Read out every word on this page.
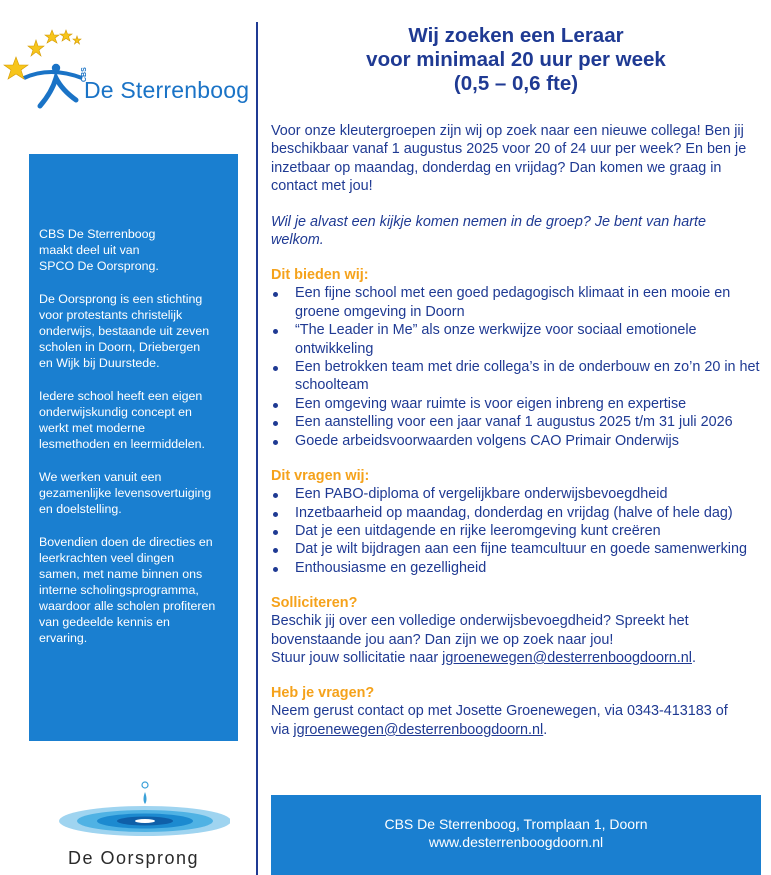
CBS
De Sterrenboog

CBS De Sterrenboog
maakt deel uit van
SPCO De Oorsprong.

De Oorsprong is een stichting
voor protestants christelijk
onderwijs, bestaande uit zeven
scholen in Doorn, Driebergen
en Wijk bij Duurstede.

Iedere school heeft een eigen
onderwijskundig concept en
werkt met moderne
lesmethoden en leermiddelen.

We werken vanuit een
gezamenlijke levensovertuiging
en doelstelling.

Bovendien doen de directies en
leerkrachten veel dingen
samen, met name binnen ons
interne scholingsprogramma,
waardoor alle scholen profiteren
van gedeelde kennis en
ervaring.

De Oorsprong
Wij zoeken een Leraar
voor minimaal 20 uur per week
(0,5 – 0,6 fte)

Voor onze kleutergroepen zijn wij op zoek naar een nieuwe collega! Ben jij beschikbaar vanaf 1 augustus 2025 voor 20 of 24 uur per week? En ben je inzetbaar op maandag, donderdag en vrijdag? Dan komen we graag in contact met jou!

Wil je alvast een kijkje komen nemen in de groep? Je bent van harte welkom.

Dit bieden wij:

Een fijne school met een goed pedagogisch klimaat in een mooie en groene omgeving in Doorn
“The Leader in Me” als onze werkwijze voor sociaal emotionele ontwikkeling
Een betrokken team met drie collega’s in de onderbouw en zo’n 20 in het schoolteam
Een omgeving waar ruimte is voor eigen inbreng en expertise
Een aanstelling voor een jaar vanaf 1 augustus 2025 t/m 31 juli 2026
Goede arbeidsvoorwaarden volgens CAO Primair Onderwijs

Dit vragen wij:

Een PABO-diploma of vergelijkbare onderwijsbevoegdheid
Inzetbaarheid op maandag, donderdag en vrijdag (halve of hele dag)
Dat je een uitdagende en rijke leeromgeving kunt creëren
Dat je wilt bijdragen aan een fijne teamcultuur en goede samenwerking
Enthousiasme en gezelligheid

Solliciteren?

Beschik jij over een volledige onderwijsbevoegdheid? Spreekt het
bovenstaande jou aan? Dan zijn we op zoek naar jou!
Stuur jouw sollicitatie naar jgroenewegen@desterrenboogdoorn.nl.

Heb je vragen?

Neem gerust contact op met Josette Groenewegen, via 0343-413183 of
via jgroenewegen@desterrenboogdoorn.nl.
CBS De Sterrenboog, Tromplaan 1, Doorn
www.desterrenboogdoorn.nl
